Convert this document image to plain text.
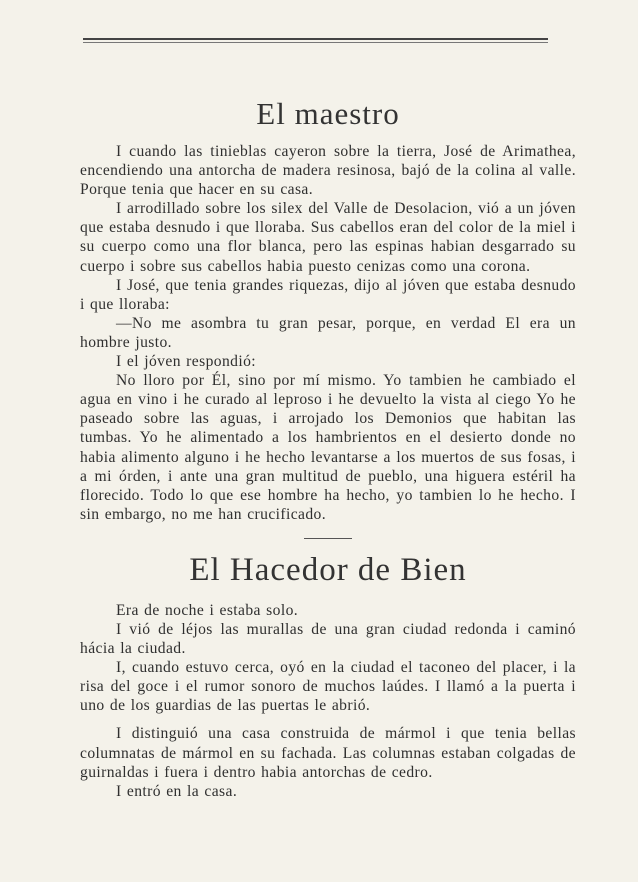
El maestro

I cuando las tinieblas cayeron sobre la tierra, José de Arimathea, encendiendo una antorcha de madera resinosa, bajó de la colina al valle. Porque tenia que hacer en su casa.

I arrodillado sobre los silex del Valle de Desolacion, vió a un jóven que estaba desnudo i que lloraba. Sus cabellos eran del color de la miel i su cuerpo como una flor blanca, pero las espinas habian desgarrado su cuerpo i sobre sus cabellos habia puesto cenizas como una corona.

I José, que tenia grandes riquezas, dijo al jóven que estaba desnudo i que lloraba:

—No me asombra tu gran pesar, porque, en verdad El era un hombre justo.

I el jóven respondió:

No lloro por Él, sino por mí mismo. Yo tambien he cambiado el agua en vino i he curado al leproso i he devuelto la vista al ciego Yo he paseado sobre las aguas, i arrojado los Demonios que habitan las tumbas. Yo he alimentado a los hambrientos en el desierto donde no habia alimento alguno i he hecho levantarse a los muertos de sus fosas, i a mi órden, i ante una gran multitud de pueblo, una higuera estéril ha florecido. Todo lo que ese hombre ha hecho, yo tambien lo he hecho. I sin embargo, no me han crucificado.

El Hacedor de Bien

Era de noche i estaba solo.

I vió de léjos las murallas de una gran ciudad redonda i caminó hácia la ciudad.

I, cuando estuvo cerca, oyó en la ciudad el taconeo del placer, i la risa del goce i el rumor sonoro de muchos laúdes. I llamó a la puerta i uno de los guardias de las puertas le abrió.

I distinguió una casa construida de mármol i que tenia bellas columnatas de mármol en su fachada. Las columnas estaban colgadas de guirnaldas i fuera i dentro habia antorchas de cedro.

I entró en la casa.
